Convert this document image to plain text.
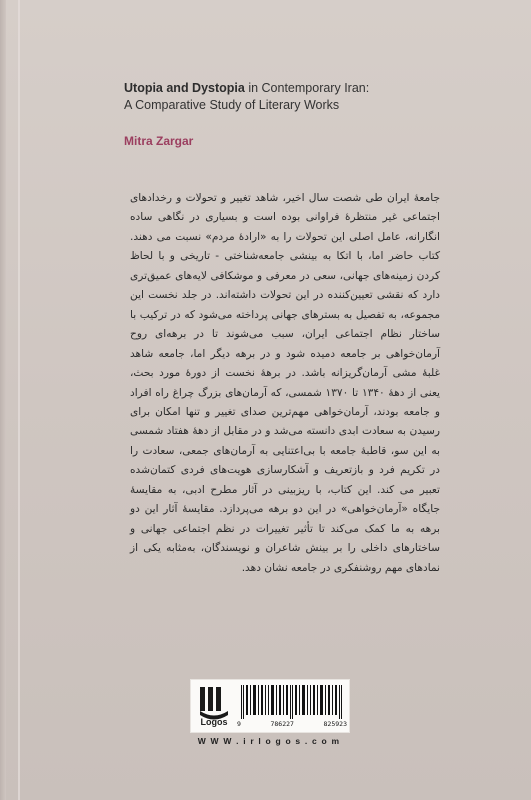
Utopia and Dystopia in Contemporary Iran:
A Comparative Study of Literary Works
Mitra Zargar
جامعهٔ ایران طی شصت سال اخیر، شاهد تغییر و تحولات و رخدادهای اجتماعی غیر منتظرهٔ فراوانی بوده است و بسیاری در نگاهی ساده انگارانه، عامل اصلی این تحولات را به «ارادهٔ مردم» نسبت می دهند. کتاب حاضر اما، با اتکا به بینشی جامعه‌شناختی - تاریخی و با لحاظ کردن زمینه‌های جهانی، سعی در معرفی و موشکافی لایه‌های عمیق‌تری دارد که نقشی تعیین‌کننده در این تحولات داشته‌اند. در جلد نخست این مجموعه، به تفصیل به بسترهای جهانی پرداخته می‌شود که در ترکیب با ساختار نظام اجتماعی ایران، سبب می‌شوند تا در برهه‌ای روح آرمان‌خواهی بر جامعه دمیده شود و در برهه دیگر اما، جامعه شاهد غلبهٔ مشی آرمان‌گریزانه باشد. در برههٔ نخست از دورهٔ مورد بحث، یعنی از دههٔ ۱۳۴۰ تا ۱۳۷۰ شمسی، که آرمان‌های بزرگ چراغ راه افراد و جامعه بودند، آرمان‌خواهی مهم‌ترین صدای تغییر و تنها امکان برای رسیدن به سعادت ابدی دانسته می‌شد و در مقابل از دههٔ هفتاد شمسی به این سو، قاطبهٔ جامعه با بی‌اعتنایی به آرمان‌های جمعی، سعادت را در تکریم فرد و بازتعریف و آشکارسازی هویت‌های فردی کتمان‌شده تعبیر می کند. این کتاب، با ریزبینی در آثار مطرح ادبی، به مقایسهٔ جایگاه «آرمان‌خواهی» در این دو برهه می‌پردازد. مقایسهٔ آثار این دو برهه به ما کمک می‌کند تا تأثیر تغییرات در نظم اجتماعی جهانی و ساختارهای داخلی را بر بینش شاعران و نویسندگان، به‌مثابه یکی از نمادهای مهم روشنفکری در جامعه نشان دهد.
Logos	9	786227	825923
W W W . i r l o g o s . c o m
